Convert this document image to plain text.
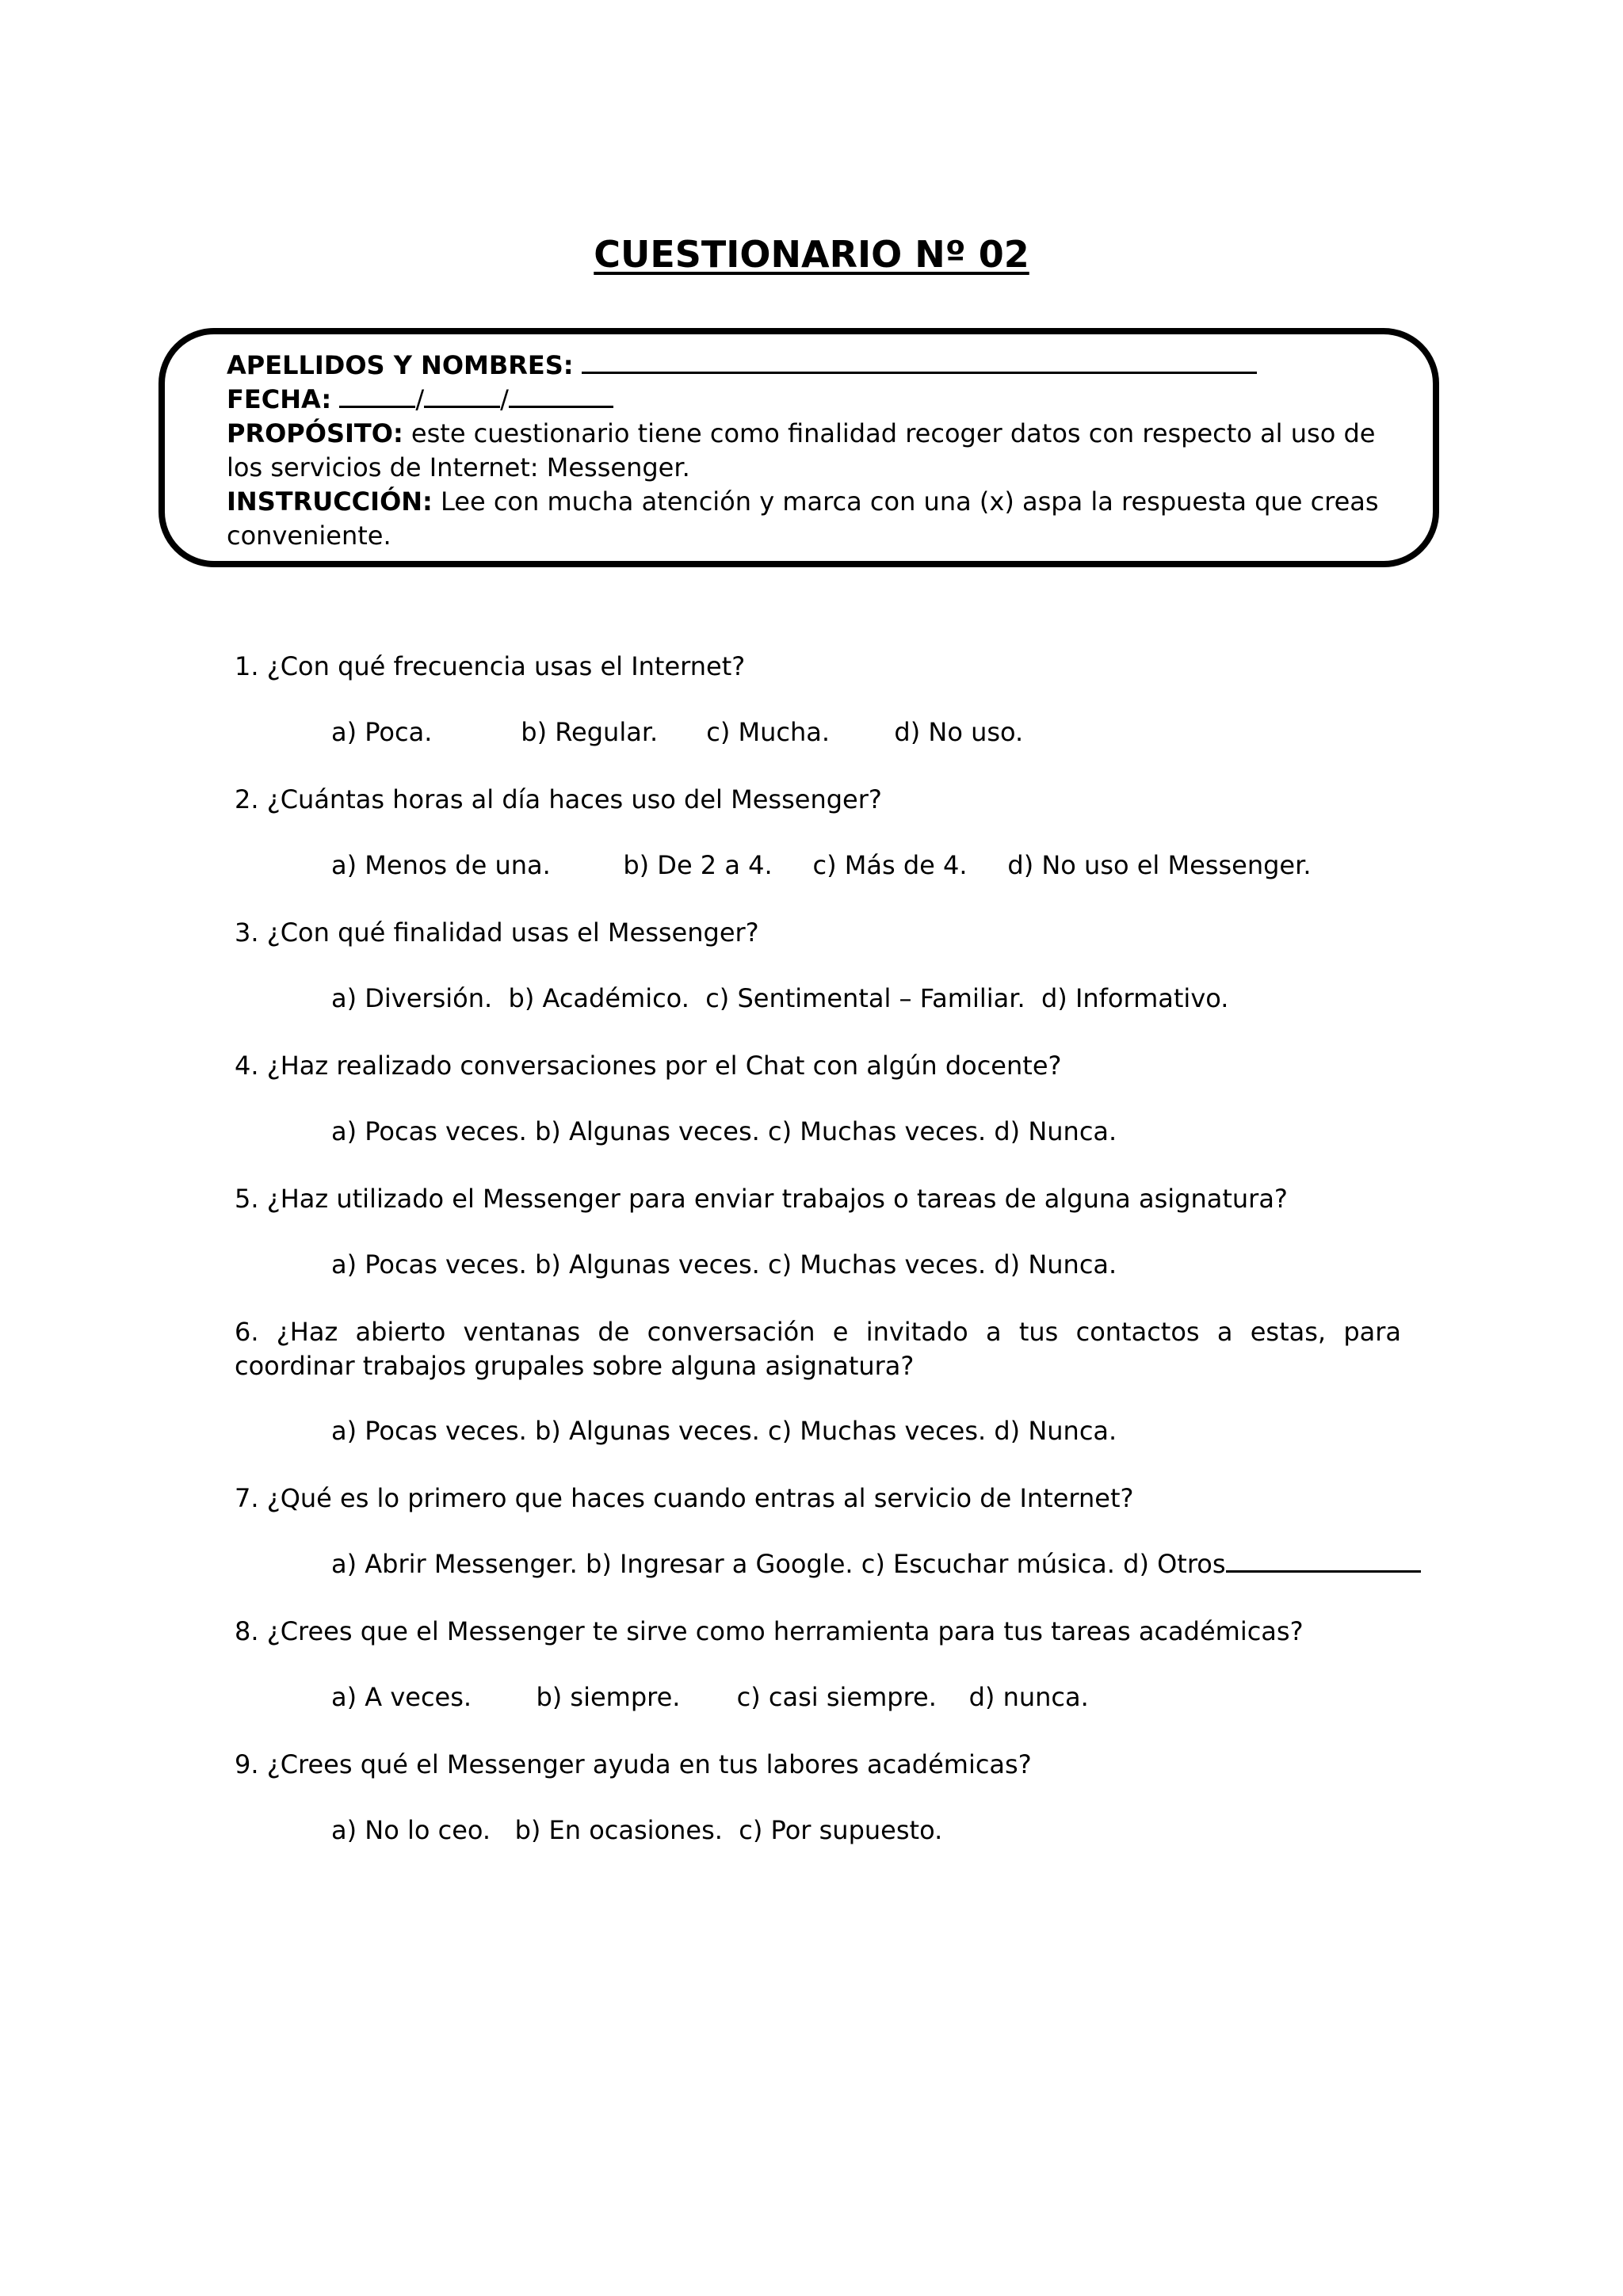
CUESTIONARIO Nº 02

APELLIDOS Y NOMBRES:

FECHA:	/	/

PROPÓSITO: este cuestionario tiene como finalidad recoger datos con respecto al uso de los servicios de Internet: Messenger.

INSTRUCCIÓN: Lee con mucha atención y marca con una (x) aspa la respuesta que creas conveniente.

1. ¿Con qué frecuencia usas el Internet?

a) Poca.	b) Regular. c) Mucha.	d) No uso.

2. ¿Cuántas horas al día haces uso del Messenger?

a) Menos de una.	b) De 2 a 4. c) Más de 4. d) No uso el Messenger.

3. ¿Con qué finalidad usas el Messenger?

a) Diversión. b) Académico. c) Sentimental – Familiar. d) Informativo.

4. ¿Haz realizado conversaciones por el Chat con algún docente?

a) Pocas veces. b) Algunas veces. c) Muchas veces. d) Nunca.

5. ¿Haz utilizado el Messenger para enviar trabajos o tareas de alguna asignatura?

a) Pocas veces. b) Algunas veces. c) Muchas veces. d) Nunca.

6. ¿Haz abierto ventanas de conversación e invitado a tus contactos a estas, para coordinar trabajos grupales sobre alguna asignatura?

a) Pocas veces. b) Algunas veces. c) Muchas veces. d) Nunca.

7. ¿Qué es lo primero que haces cuando entras al servicio de Internet?

a) Abrir Messenger. b) Ingresar a Google. c) Escuchar música. d) Otros

8. ¿Crees que el Messenger te sirve como herramienta para tus tareas académicas?

a) A veces.	b) siempre. c) casi siempre. d) nunca.

9. ¿Crees qué el Messenger ayuda en tus labores académicas?

a) No lo ceo. b) En ocasiones. c) Por supuesto.
